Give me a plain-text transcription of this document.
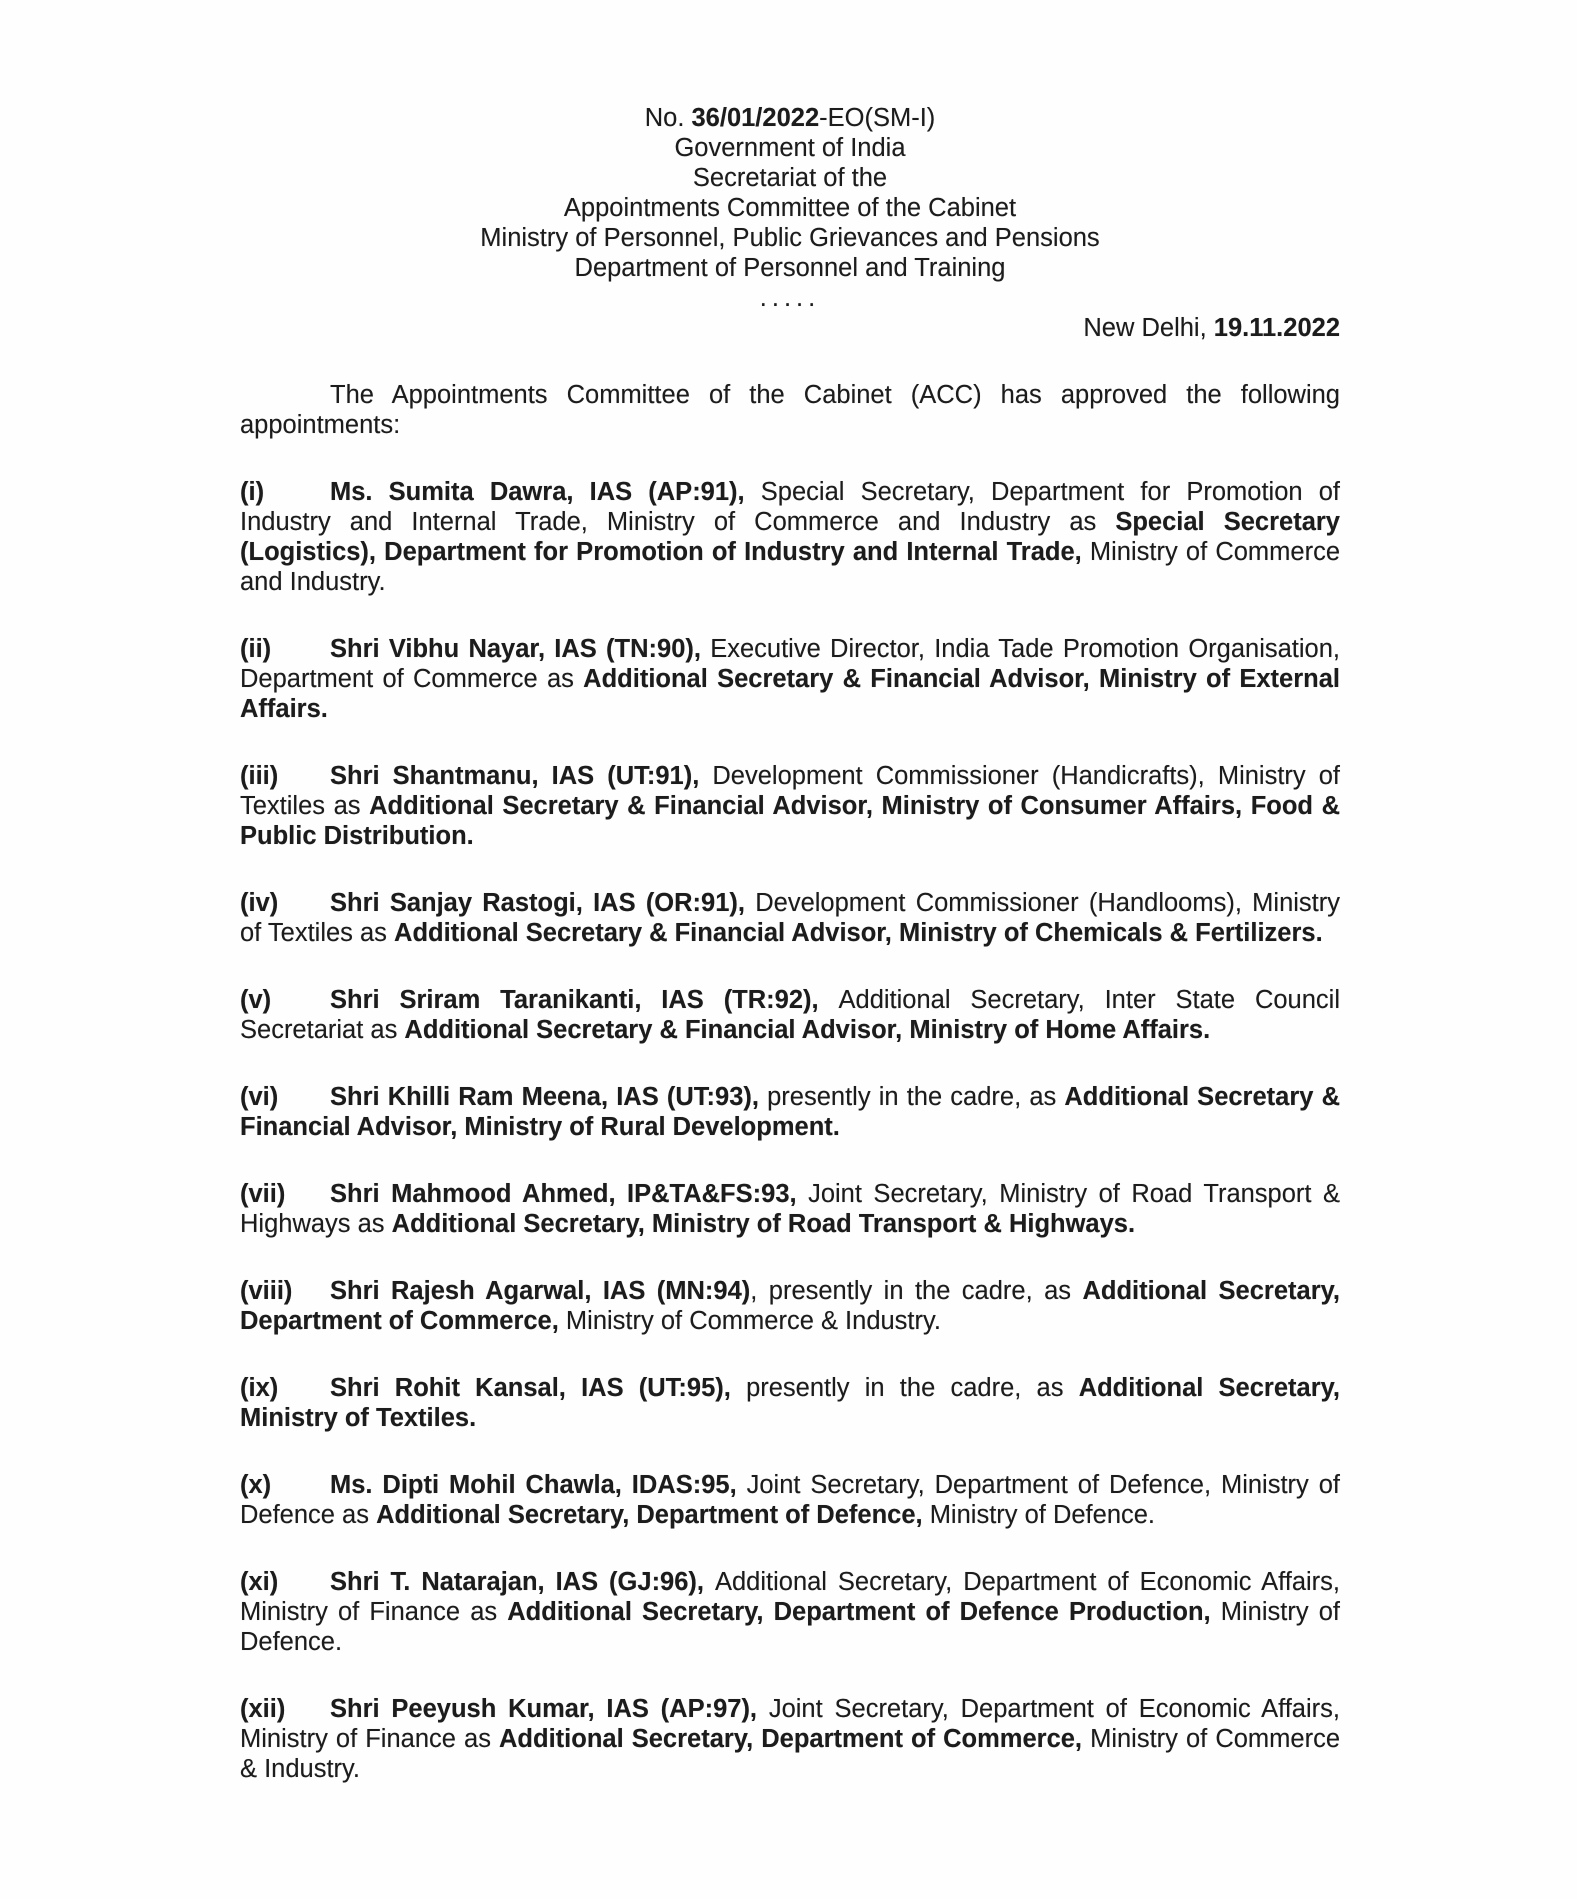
No. 36/01/2022-EO(SM-I)
Government of India
Secretariat of the
Appointments Committee of the Cabinet
Ministry of Personnel, Public Grievances and Pensions
Department of Personnel and Training
.....
New Delhi, 19.11.2022

The Appointments Committee of the Cabinet (ACC) has approved the following appointments:

(i)	Ms. Sumita Dawra, IAS (AP:91), Special Secretary, Department for Promotion of Industry and Internal Trade, Ministry of Commerce and Industry as Special Secretary (Logistics), Department for Promotion of Industry and Internal Trade, Ministry of Commerce and Industry.

(ii) Shri Vibhu Nayar, IAS (TN:90), Executive Director, India Tade Promotion Organisation, Department of Commerce as Additional Secretary & Financial Advisor, Ministry of External Affairs.

(iii) Shri Shantmanu, IAS (UT:91), Development Commissioner (Handicrafts), Ministry of Textiles as Additional Secretary & Financial Advisor, Ministry of Consumer Affairs, Food & Public Distribution.

(iv) Shri Sanjay Rastogi, IAS (OR:91), Development Commissioner (Handlooms), Ministry of Textiles as Additional Secretary & Financial Advisor, Ministry of Chemicals & Fertilizers.

(v) Shri Sriram Taranikanti, IAS (TR:92), Additional Secretary, Inter State Council Secretariat as Additional Secretary & Financial Advisor, Ministry of Home Affairs.

(vi) Shri Khilli Ram Meena, IAS (UT:93), presently in the cadre, as Additional Secretary & Financial Advisor, Ministry of Rural Development.

(vii) Shri Mahmood Ahmed, IP&TA&FS:93, Joint Secretary, Ministry of Road Transport & Highways as Additional Secretary, Ministry of Road Transport & Highways.

(viii) Shri Rajesh Agarwal, IAS (MN:94), presently in the cadre, as Additional Secretary, Department of Commerce, Ministry of Commerce & Industry.

(ix) Shri Rohit Kansal, IAS (UT:95), presently in the cadre, as Additional Secretary, Ministry of Textiles.

(x) Ms. Dipti Mohil Chawla, IDAS:95, Joint Secretary, Department of Defence, Ministry of Defence as Additional Secretary, Department of Defence, Ministry of Defence.

(xi) Shri T. Natarajan, IAS (GJ:96), Additional Secretary, Department of Economic Affairs, Ministry of Finance as Additional Secretary, Department of Defence Production, Ministry of Defence.

(xii) Shri Peeyush Kumar, IAS (AP:97), Joint Secretary, Department of Economic Affairs, Ministry of Finance as Additional Secretary, Department of Commerce, Ministry of Commerce & Industry.
